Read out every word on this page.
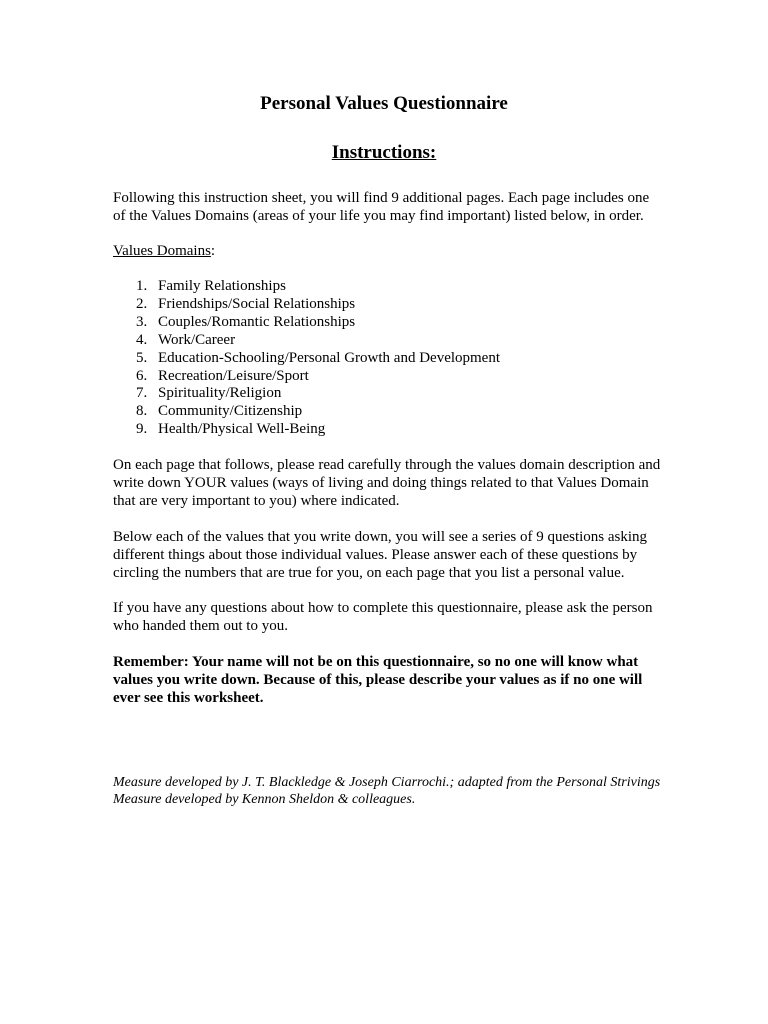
Personal Values Questionnaire
Instructions:

Following this instruction sheet, you will find 9 additional pages. Each page includes one of the Values Domains (areas of your life you may find important) listed below, in order.

Values Domains:

1. Family Relationships
2. Friendships/Social Relationships
3. Couples/Romantic Relationships
4. Work/Career
5. Education-Schooling/Personal Growth and Development
6. Recreation/Leisure/Sport
7. Spirituality/Religion
8. Community/Citizenship
9. Health/Physical Well-Being

On each page that follows, please read carefully through the values domain description and write down YOUR values (ways of living and doing things related to that Values Domain that are very important to you) where indicated.

Below each of the values that you write down, you will see a series of 9 questions asking different things about those individual values. Please answer each of these questions by circling the numbers that are true for you, on each page that you list a personal value.

If you have any questions about how to complete this questionnaire, please ask the person who handed them out to you.

Remember: Your name will not be on this questionnaire, so no one will know what values you write down. Because of this, please describe your values as if no one will ever see this worksheet.

Measure developed by J. T. Blackledge & Joseph Ciarrochi.; adapted from the Personal Strivings Measure developed by Kennon Sheldon & colleagues.
